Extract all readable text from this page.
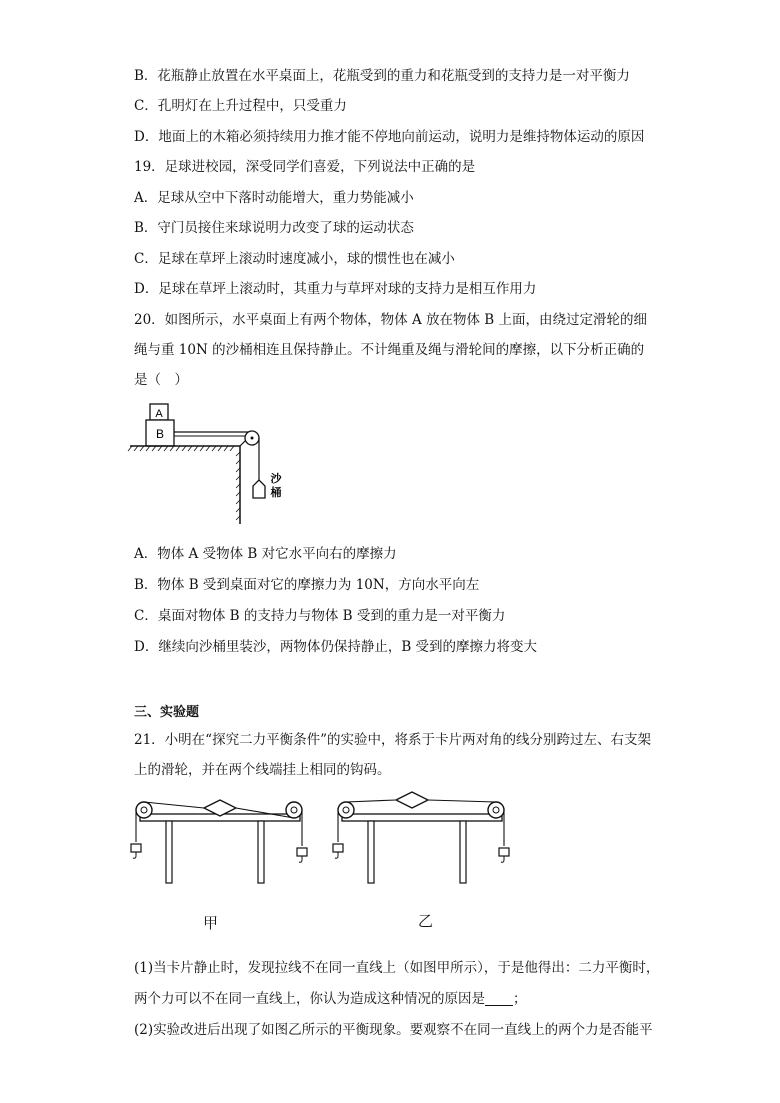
B．花瓶静止放置在水平桌面上，花瓶受到的重力和花瓶受到的支持力是一对平衡力
C．孔明灯在上升过程中，只受重力
D．地面上的木箱必须持续用力推才能不停地向前运动，说明力是维持物体运动的原因
19．足球进校园，深受同学们喜爱，下列说法中正确的是
A．足球从空中下落时动能增大，重力势能减小
B．守门员接住来球说明力改变了球的运动状态
C．足球在草坪上滚动时速度减小，球的惯性也在减小
D．足球在草坪上滚动时，其重力与草坪对球的支持力是相互作用力
20．如图所示，水平桌面上有两个物体，物体 A 放在物体 B 上面，由绕过定滑轮的细
绳与重 10N 的沙桶相连且保持静止。不计绳重及绳与滑轮间的摩擦，以下分析正确的
是（　）
A
B
沙
桶
A．物体 A 受物体 B 对它水平向右的摩擦力
B．物体 B 受到桌面对它的摩擦力为 10N，方向水平向左
C．桌面对物体 B 的支持力与物体 B 受到的重力是一对平衡力
D．继续向沙桶里装沙，两物体仍保持静止，B 受到的摩擦力将变大
三、实验题
21．小明在“探究二力平衡条件”的实验中，将系于卡片两对角的线分别跨过左、右支架
上的滑轮，并在两个线端挂上相同的钩码。
甲	乙
(1)当卡片静止时，发现拉线不在同一直线上（如图甲所示），于是他得出：二力平衡时，
两个力可以不在同一直线上，你认为造成这种情况的原因是 ；
(2)实验改进后出现了如图乙所示的平衡现象。要观察不在同一直线上的两个力是否能平
